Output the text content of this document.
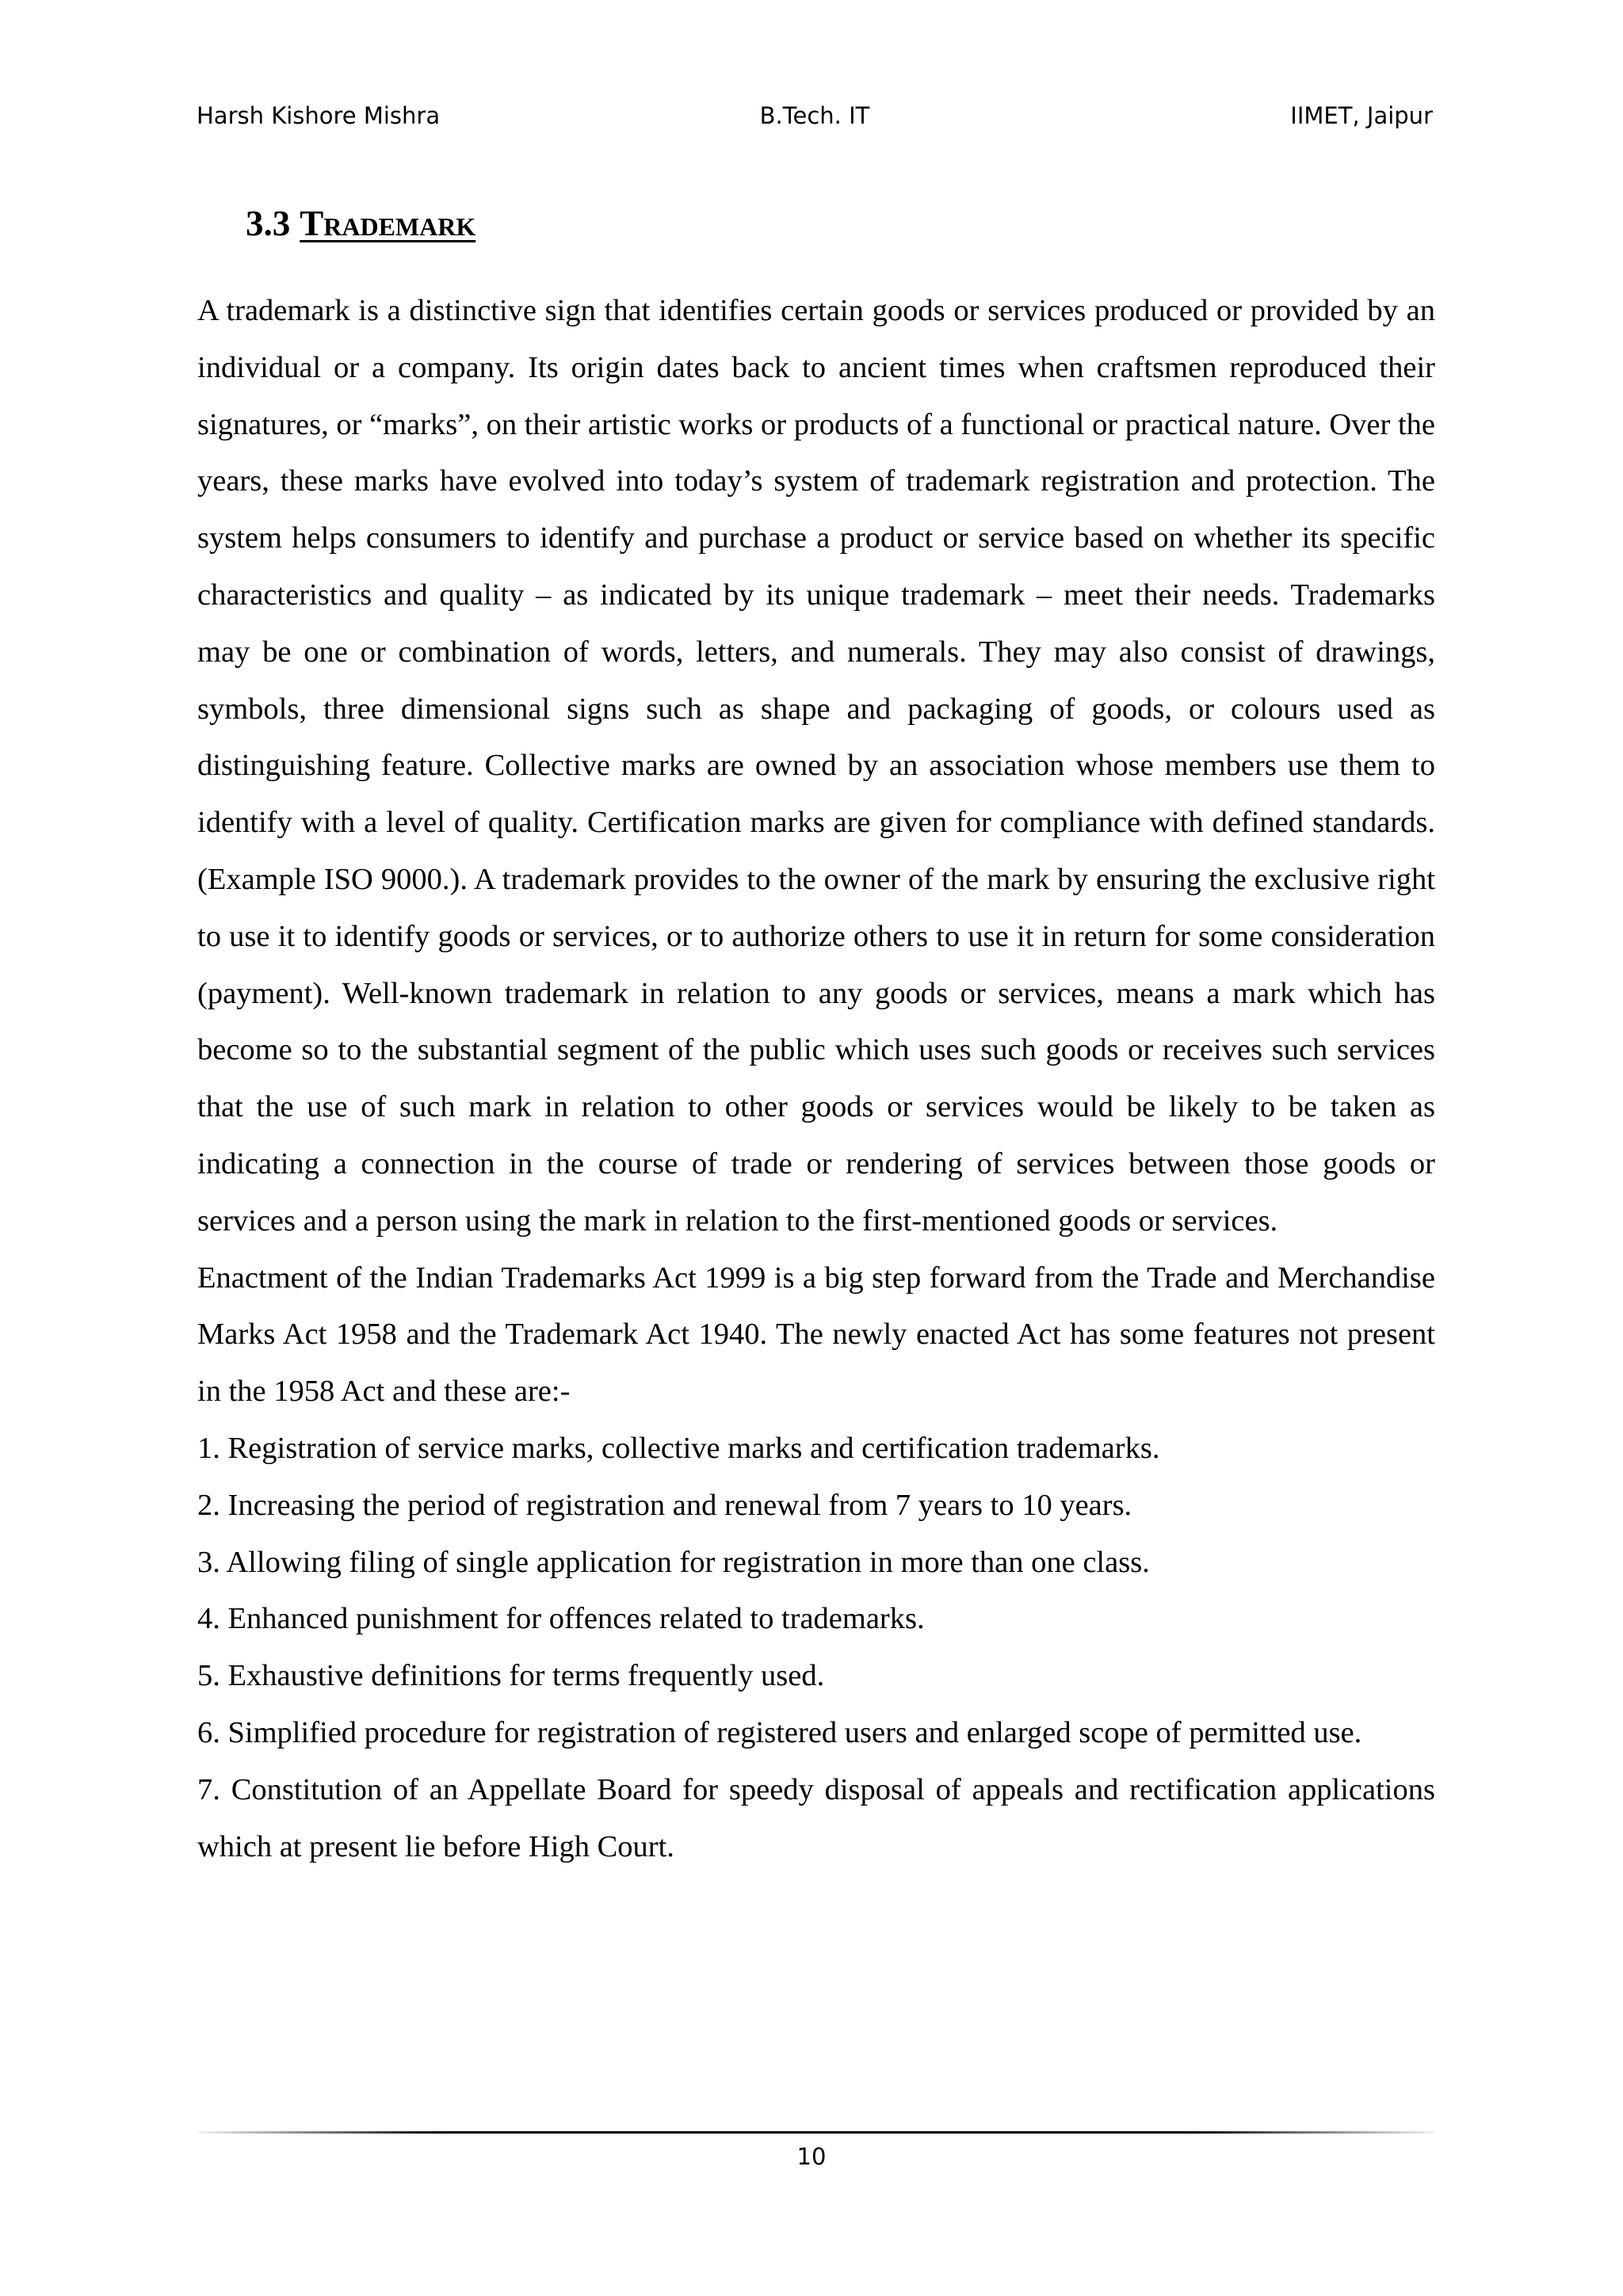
Harsh Kishore Mishra	B.Tech. IT	IIMET, Jaipur
3.3 Trademark

A trademark is a distinctive sign that identifies certain goods or services produced or provided by an individual or a company. Its origin dates back to ancient times when craftsmen reproduced their signatures, or “marks”, on their artistic works or products of a functional or practical nature. Over the years, these marks have evolved into today’s system of trademark registration and protection. The system helps consumers to identify and purchase a product or service based on whether its specific characteristics and quality – as indicated by its unique trademark – meet their needs. Trademarks may be one or combination of words, letters, and numerals. They may also consist of drawings, symbols, three dimensional signs such as shape and packaging of goods, or colours used as distinguishing feature. Collective marks are owned by an association whose members use them to identify with a level of quality. Certification marks are given for compliance with defined standards. (Example ISO 9000.). A trademark provides to the owner of the mark by ensuring the exclusive right to use it to identify goods or services, or to authorize others to use it in return for some consideration (payment). Well-known trademark in relation to any goods or services, means a mark which has become so to the substantial segment of the public which uses such goods or receives such services that the use of such mark in relation to other goods or services would be likely to be taken as indicating a connection in the course of trade or rendering of services between those goods or services and a person using the mark in relation to the first-mentioned goods or services.

Enactment of the Indian Trademarks Act 1999 is a big step forward from the Trade and Merchandise Marks Act 1958 and the Trademark Act 1940. The newly enacted Act has some features not present in the 1958 Act and these are:-

1. Registration of service marks, collective marks and certification trademarks.

2. Increasing the period of registration and renewal from 7 years to 10 years.

3. Allowing filing of single application for registration in more than one class.

4. Enhanced punishment for offences related to trademarks.

5. Exhaustive definitions for terms frequently used.

6. Simplified procedure for registration of registered users and enlarged scope of permitted use.

7. Constitution of an Appellate Board for speedy disposal of appeals and rectification applications which at present lie before High Court.

10
